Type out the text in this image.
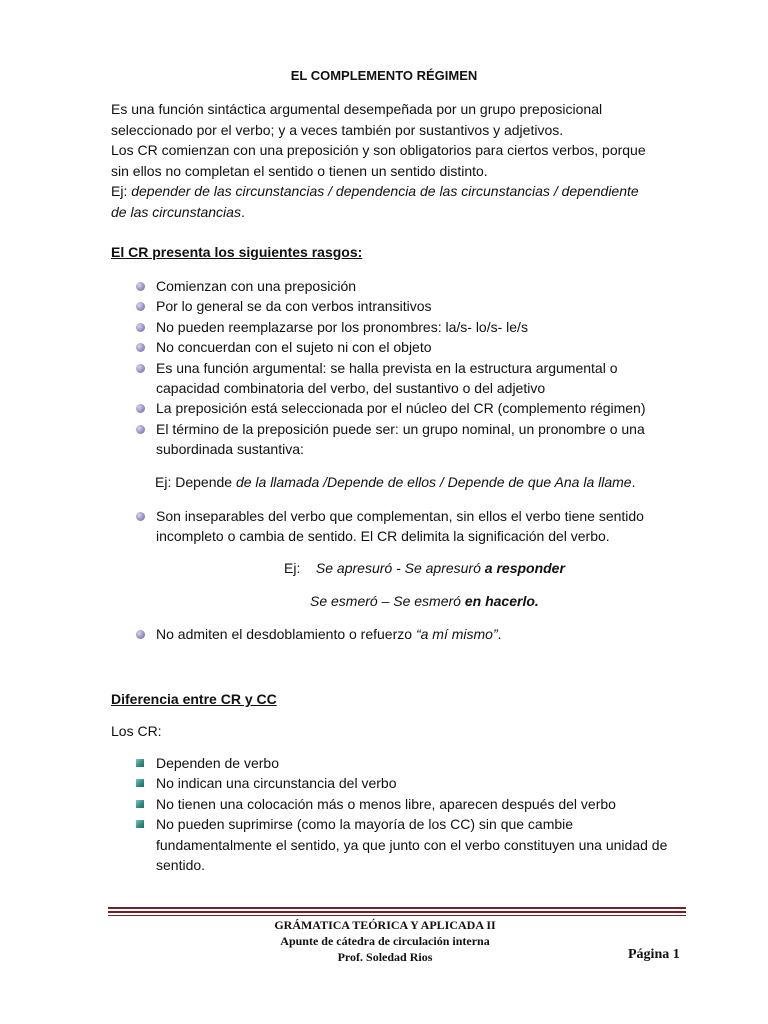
EL COMPLEMENTO RÉGIMEN
Es una función sintáctica argumental desempeñada por un grupo preposicional
seleccionado por el verbo; y a veces también por sustantivos y adjetivos.
Los CR comienzan con una preposición y son obligatorios para ciertos verbos, porque
sin ellos no completan el sentido o tienen un sentido distinto.
Ej: depender de las circunstancias / dependencia de las circunstancias / dependiente
de las circunstancias.
El CR presenta los siguientes rasgos:
Comienzan con una preposición
Por lo general se da con verbos intransitivos
No pueden reemplazarse por los pronombres: la/s- lo/s- le/s
No concuerdan con el sujeto ni con el objeto
Es una función argumental: se halla prevista en la estructura argumental o capacidad combinatoria del verbo, del sustantivo o del adjetivo
La preposición está seleccionada por el núcleo del CR (complemento régimen)
El término de la preposición puede ser: un grupo nominal, un pronombre o una subordinada sustantiva:
Ej: Depende de la llamada /Depende de ellos / Depende de que Ana la llame.
Son inseparables del verbo que complementan, sin ellos el verbo tiene sentido incompleto o cambia de sentido. El CR delimita la significación del verbo.
Ej: Se apresuró - Se apresuró a responder
Se esmeró – Se esmeró en hacerlo.
No admiten el desdoblamiento o refuerzo “a mí mismo”.
Diferencia entre CR y CC
Los CR:
Dependen de verbo
No indican una circunstancia del verbo
No tienen una colocación más o menos libre, aparecen después del verbo
No pueden suprimirse (como la mayoría de los CC) sin que cambie fundamentalmente el sentido, ya que junto con el verbo constituyen una unidad de sentido.
GRÁMATICA TEÓRICA Y APLICADA II
Apunte de cátedra de circulación interna
Prof. Soledad Rios	Página 1
